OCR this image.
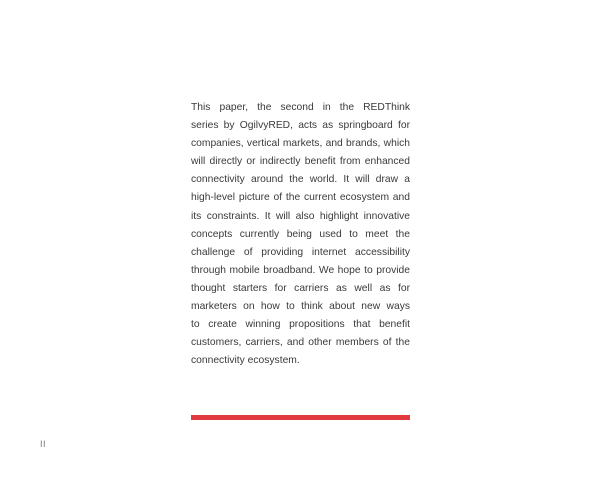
This paper, the second in the REDThink
series by OgilvyRED, acts as springboard for
companies, vertical markets, and brands, which
will directly or indirectly benefit from enhanced
connectivity around the world. It will draw a
high-level picture of the current ecosystem and
its constraints. It will also highlight innovative
concepts currently being used to meet the
challenge of providing internet accessibility
through mobile broadband. We hope to provide
thought starters for carriers as well as for
marketers on how to think about new ways
to create winning propositions that benefit
customers, carriers, and other members of the
connectivity ecosystem.
II
